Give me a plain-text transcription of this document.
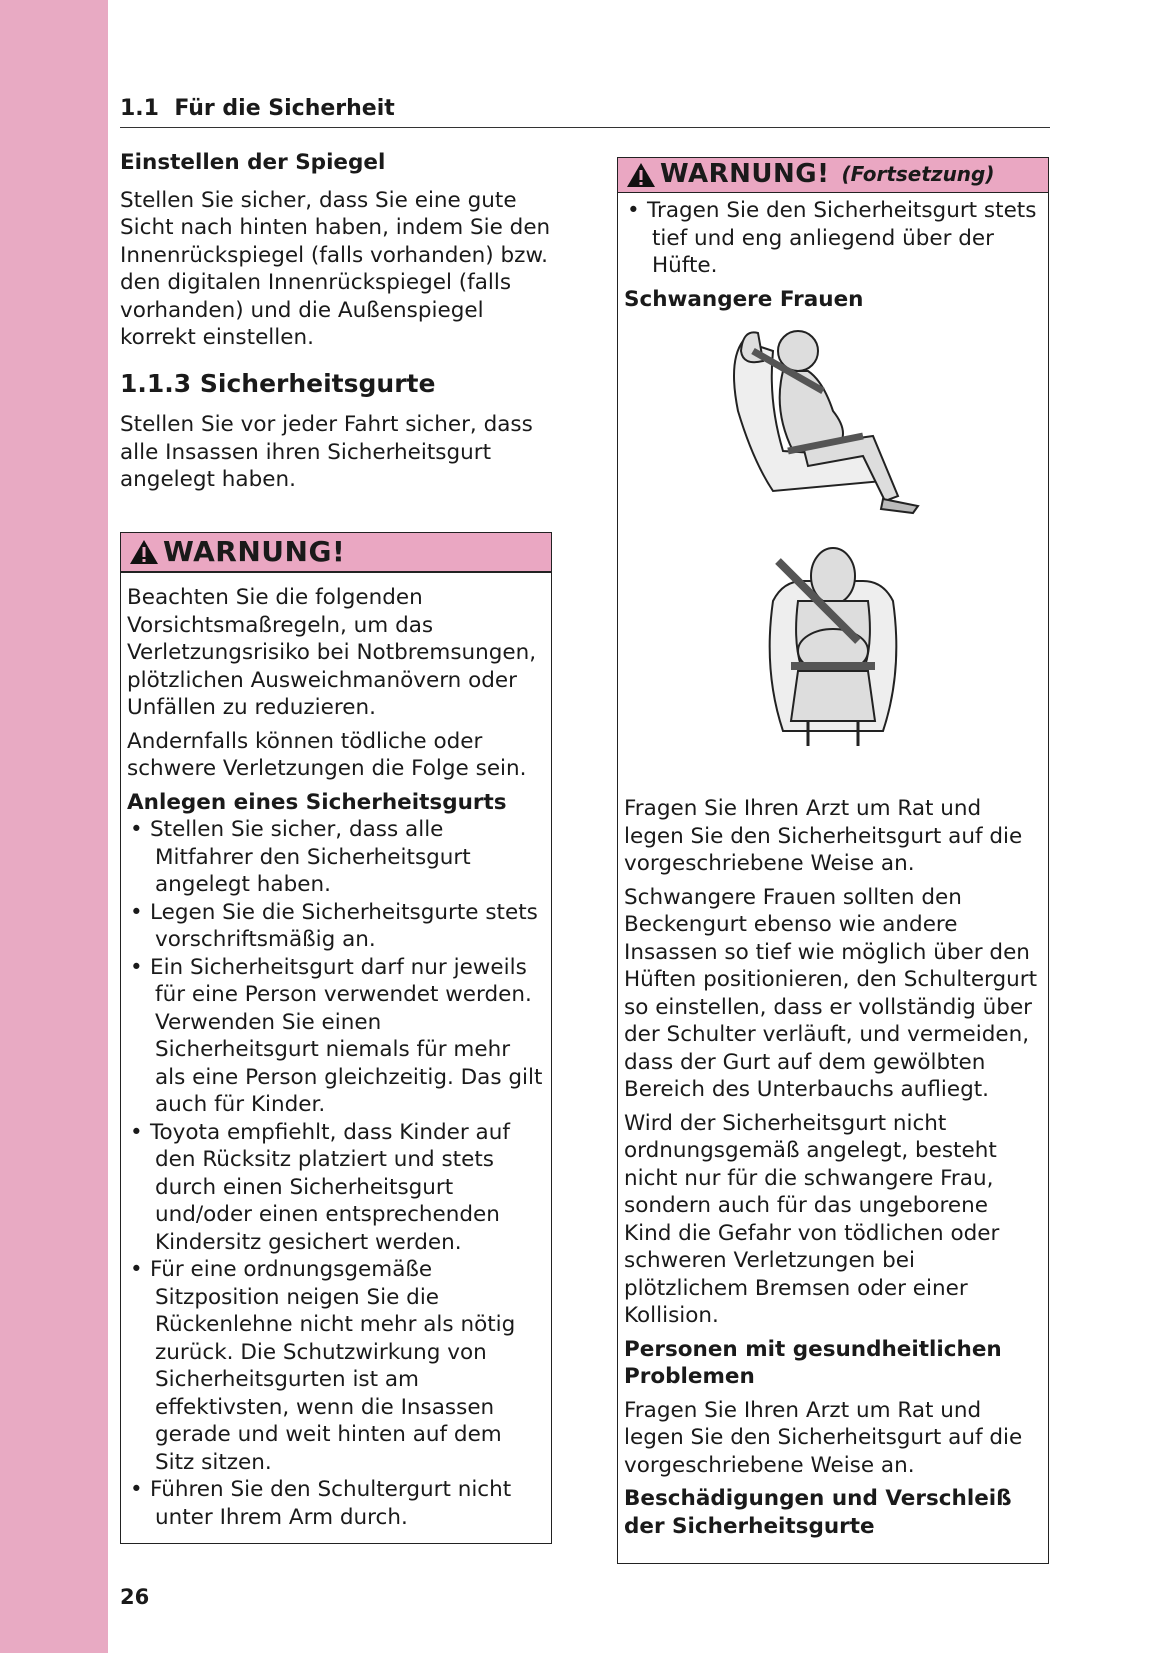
1.1 Für die Sicherheit
Einstellen der Spiegel

Stellen Sie sicher, dass Sie eine gute Sicht nach hinten haben, indem Sie den Innenrückspiegel (falls vorhanden) bzw. den digitalen Innenrückspiegel (falls vorhanden) und die Außenspiegel korrekt einstellen.

1.1.3 Sicherheitsgurte

Stellen Sie vor jeder Fahrt sicher, dass alle Insassen ihren Sicherheitsgurt angelegt haben.

WARNUNG!

Beachten Sie die folgenden Vorsichtsmaßregeln, um das Verletzungsrisiko bei Notbremsungen, plötzlichen Ausweichmanövern oder Unfällen zu reduzieren.

Andernfalls können tödliche oder schwere Verletzungen die Folge sein.

Anlegen eines Sicherheitsgurts
• Stellen Sie sicher, dass alle Mitfahrer den Sicherheitsgurt angelegt haben.
• Legen Sie die Sicherheitsgurte stets vorschriftsmäßig an.
• Ein Sicherheitsgurt darf nur jeweils für eine Person verwendet werden. Verwenden Sie einen Sicherheitsgurt niemals für mehr als eine Person gleichzeitig. Das gilt auch für Kinder.
• Toyota empfiehlt, dass Kinder auf den Rücksitz platziert und stets durch einen Sicherheitsgurt und/oder einen entsprechenden Kindersitz gesichert werden.
• Für eine ordnungsgemäße Sitzposition neigen Sie die Rückenlehne nicht mehr als nötig zurück. Die Schutzwirkung von Sicherheitsgurten ist am effektivsten, wenn die Insassen gerade und weit hinten auf dem Sitz sitzen.
• Führen Sie den Schultergurt nicht unter Ihrem Arm durch.
WARNUNG! (Fortsetzung)
• Tragen Sie den Sicherheitsgurt stets tief und eng anliegend über der Hüfte.
Schwangere Frauen

Fragen Sie Ihren Arzt um Rat und legen Sie den Sicherheitsgurt auf die vorgeschriebene Weise an.

Schwangere Frauen sollten den Beckengurt ebenso wie andere Insassen so tief wie möglich über den Hüften positionieren, den Schultergurt so einstellen, dass er vollständig über der Schulter verläuft, und vermeiden, dass der Gurt auf dem gewölbten Bereich des Unterbauchs aufliegt.

Wird der Sicherheitsgurt nicht ordnungsgemäß angelegt, besteht nicht nur für die schwangere Frau, sondern auch für das ungeborene Kind die Gefahr von tödlichen oder schweren Verletzungen bei plötzlichem Bremsen oder einer Kollision.

Personen mit gesundheitlichen Problemen

Fragen Sie Ihren Arzt um Rat und legen Sie den Sicherheitsgurt auf die vorgeschriebene Weise an.

Beschädigungen und Verschleiß der Sicherheitsgurte
26
